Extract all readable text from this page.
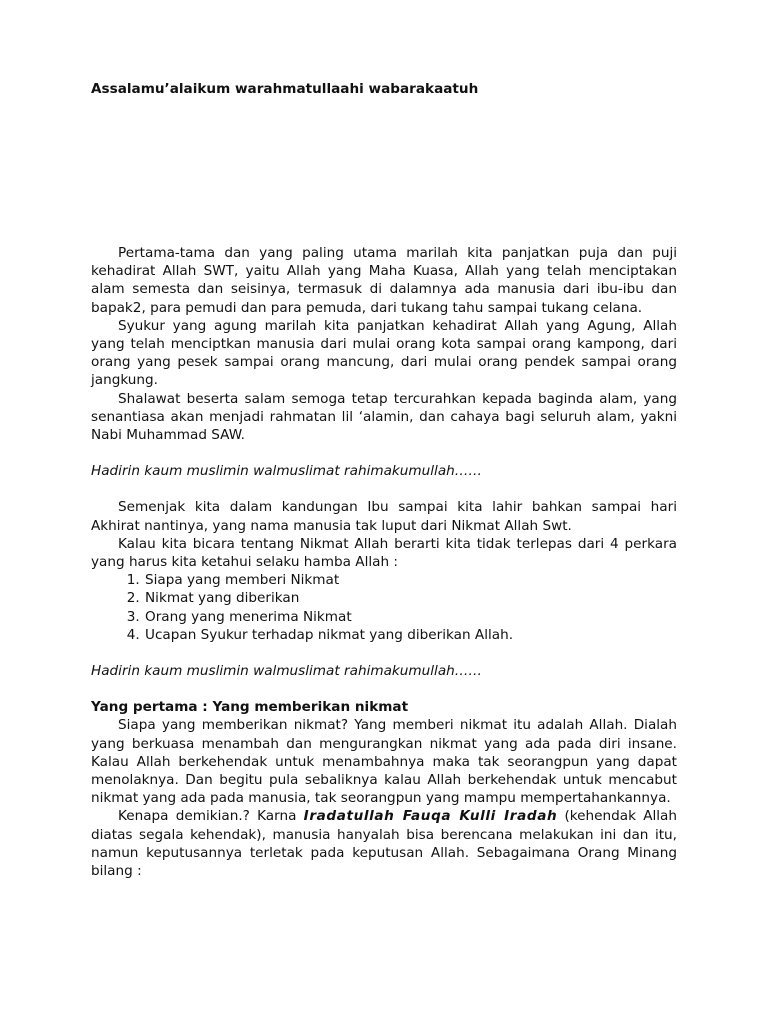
Assalamu’alaikum warahmatullaahi wabarakaatuh

Pertama-tama dan yang paling utama marilah kita panjatkan puja dan puji kehadirat Allah SWT, yaitu Allah yang Maha Kuasa, Allah yang telah menciptakan alam semesta dan seisinya, termasuk di dalamnya ada manusia dari ibu-ibu dan bapak2, para pemudi dan para pemuda, dari tukang tahu sampai tukang celana.

Syukur yang agung marilah kita panjatkan kehadirat Allah yang Agung, Allah yang telah menciptkan manusia dari mulai orang kota sampai orang kampong, dari orang yang pesek sampai orang mancung, dari mulai orang pendek sampai orang jangkung.

Shalawat beserta salam semoga tetap tercurahkan kepada baginda alam, yang senantiasa akan menjadi rahmatan lil ‘alamin, dan cahaya bagi seluruh alam, yakni Nabi Muhammad SAW.

Hadirin kaum muslimin walmuslimat rahimakumullah……

Semenjak kita dalam kandungan Ibu sampai kita lahir bahkan sampai hari Akhirat nantinya, yang nama manusia tak luput dari Nikmat Allah Swt.

Kalau kita bicara tentang Nikmat Allah berarti kita tidak terlepas dari 4 perkara yang harus kita ketahui selaku hamba Allah :

1. Siapa yang memberi Nikmat
2. Nikmat yang diberikan
3. Orang yang menerima Nikmat
4. Ucapan Syukur terhadap nikmat yang diberikan Allah.

Hadirin kaum muslimin walmuslimat rahimakumullah……

Yang pertama : Yang memberikan nikmat

Siapa yang memberikan nikmat? Yang memberi nikmat itu adalah Allah. Dialah yang berkuasa menambah dan mengurangkan nikmat yang ada pada diri insane. Kalau Allah berkehendak untuk menambahnya maka tak seorangpun yang dapat menolaknya. Dan begitu pula sebaliknya kalau Allah berkehendak untuk mencabut nikmat yang ada pada manusia, tak seorangpun yang mampu mempertahankannya.

Kenapa demikian.? Karna Iradatullah Fauqa Kulli Iradah (kehendak Allah diatas segala kehendak), manusia hanyalah bisa berencana melakukan ini dan itu, namun keputusannya terletak pada keputusan Allah. Sebagaimana Orang Minang bilang :
